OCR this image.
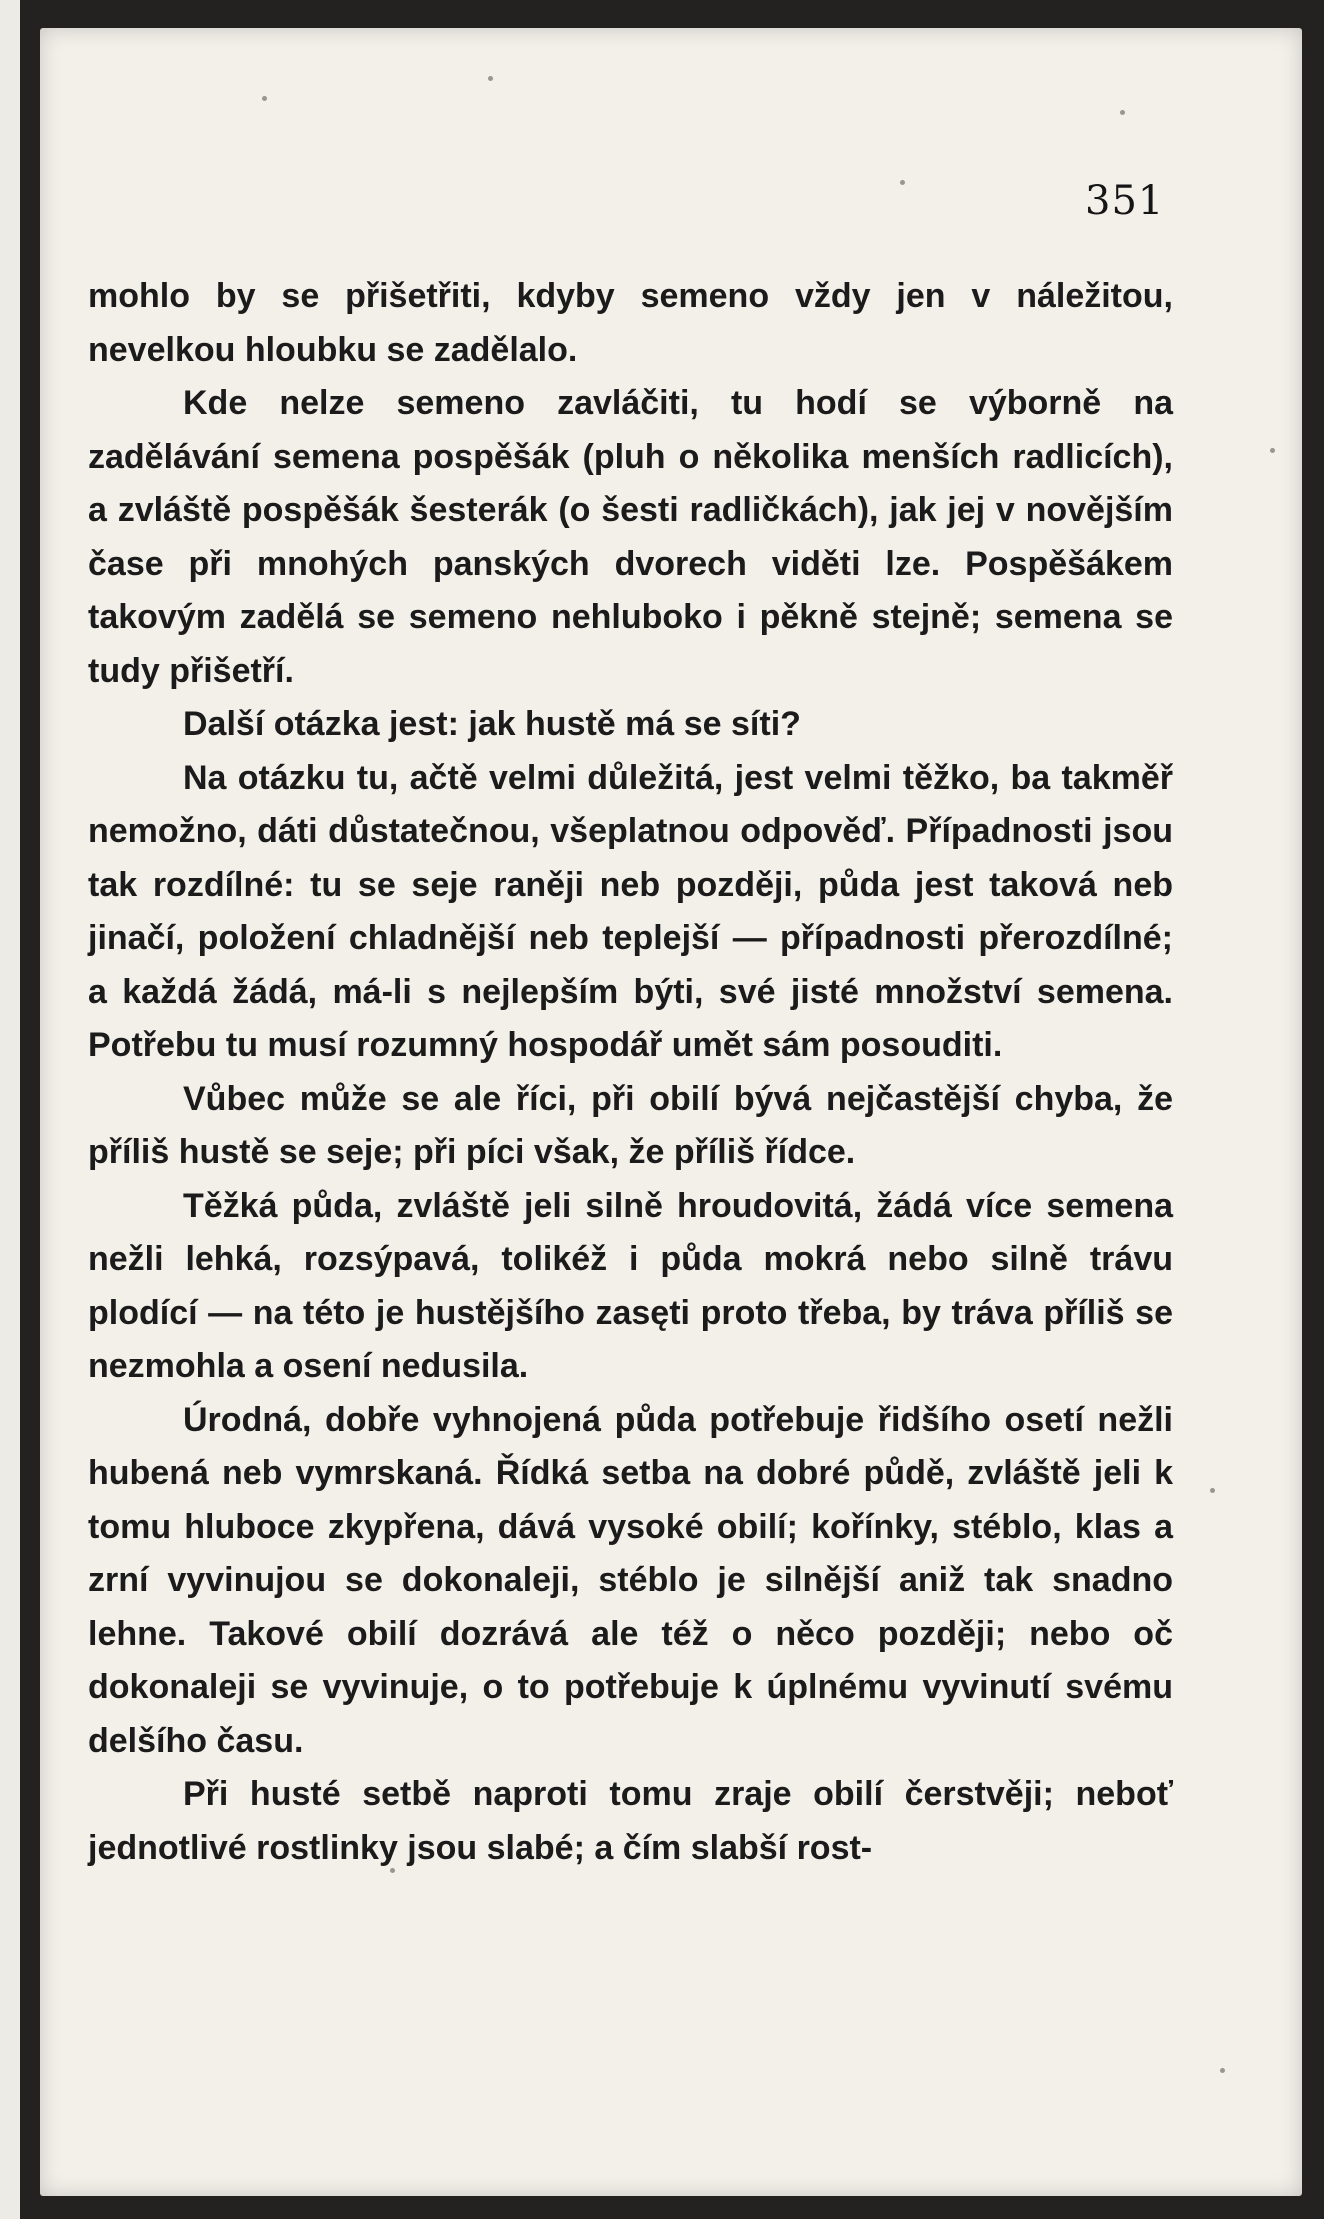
351

mohlo by se přišetřiti, kdyby semeno vždy jen v náležitou, nevelkou hloubku se zadělalo.

Kde nelze semeno zavláčiti, tu hodí se výborně na zadělávání semena pospěšák (pluh o několika menších radlicích), a zvláště pospěšák šesterák (o šesti radličkách), jak jej v novějším čase při mnohých panských dvorech viděti lze. Pospěšákem takovým zadělá se semeno nehluboko i pěkně stejně; semena se tudy přišetří.

Další otázka jest: jak hustě má se síti?

Na otázku tu, ačtě velmi důležitá, jest velmi těžko, ba takměř nemožno, dáti důstatečnou, všeplatnou odpověď. Případnosti jsou tak rozdílné: tu se seje raněji neb později, půda jest taková neb jinačí, položení chladnější neb teplejší — případnosti přerozdílné; a každá žádá, má-li s nejlepším býti, své jisté množství semena. Potřebu tu musí rozumný hospodář umět sám posouditi.

Vůbec může se ale říci, při obilí bývá nejčastější chyba, že příliš hustě se seje; při píci však, že příliš řídce.

Těžká půda, zvláště jeli silně hroudovitá, žádá více semena nežli lehká, rozsýpavá, tolikéž i půda mokrá nebo silně trávu plodící — na této je hustějšího zasęti proto třeba, by tráva příliš se nezmohla a osení nedusila.

Úrodná, dobře vyhnojená půda potřebuje řidšího osetí nežli hubená neb vymrskaná. Řídká setba na dobré půdě, zvláště jeli k tomu hluboce zkypřena, dává vysoké obilí; kořínky, stéblo, klas a zrní vyvinujou se dokonaleji, stéblo je silnější aniž tak snadno lehne. Takové obilí dozrává ale též o něco později; nebo oč dokonaleji se vyvinuje, o to potřebuje k úplnému vyvinutí svému delšího času.

Při husté setbě naproti tomu zraje obilí čerstvěji; neboť jednotlivé rostlinky jsou slabé; a čím slabší rost-
